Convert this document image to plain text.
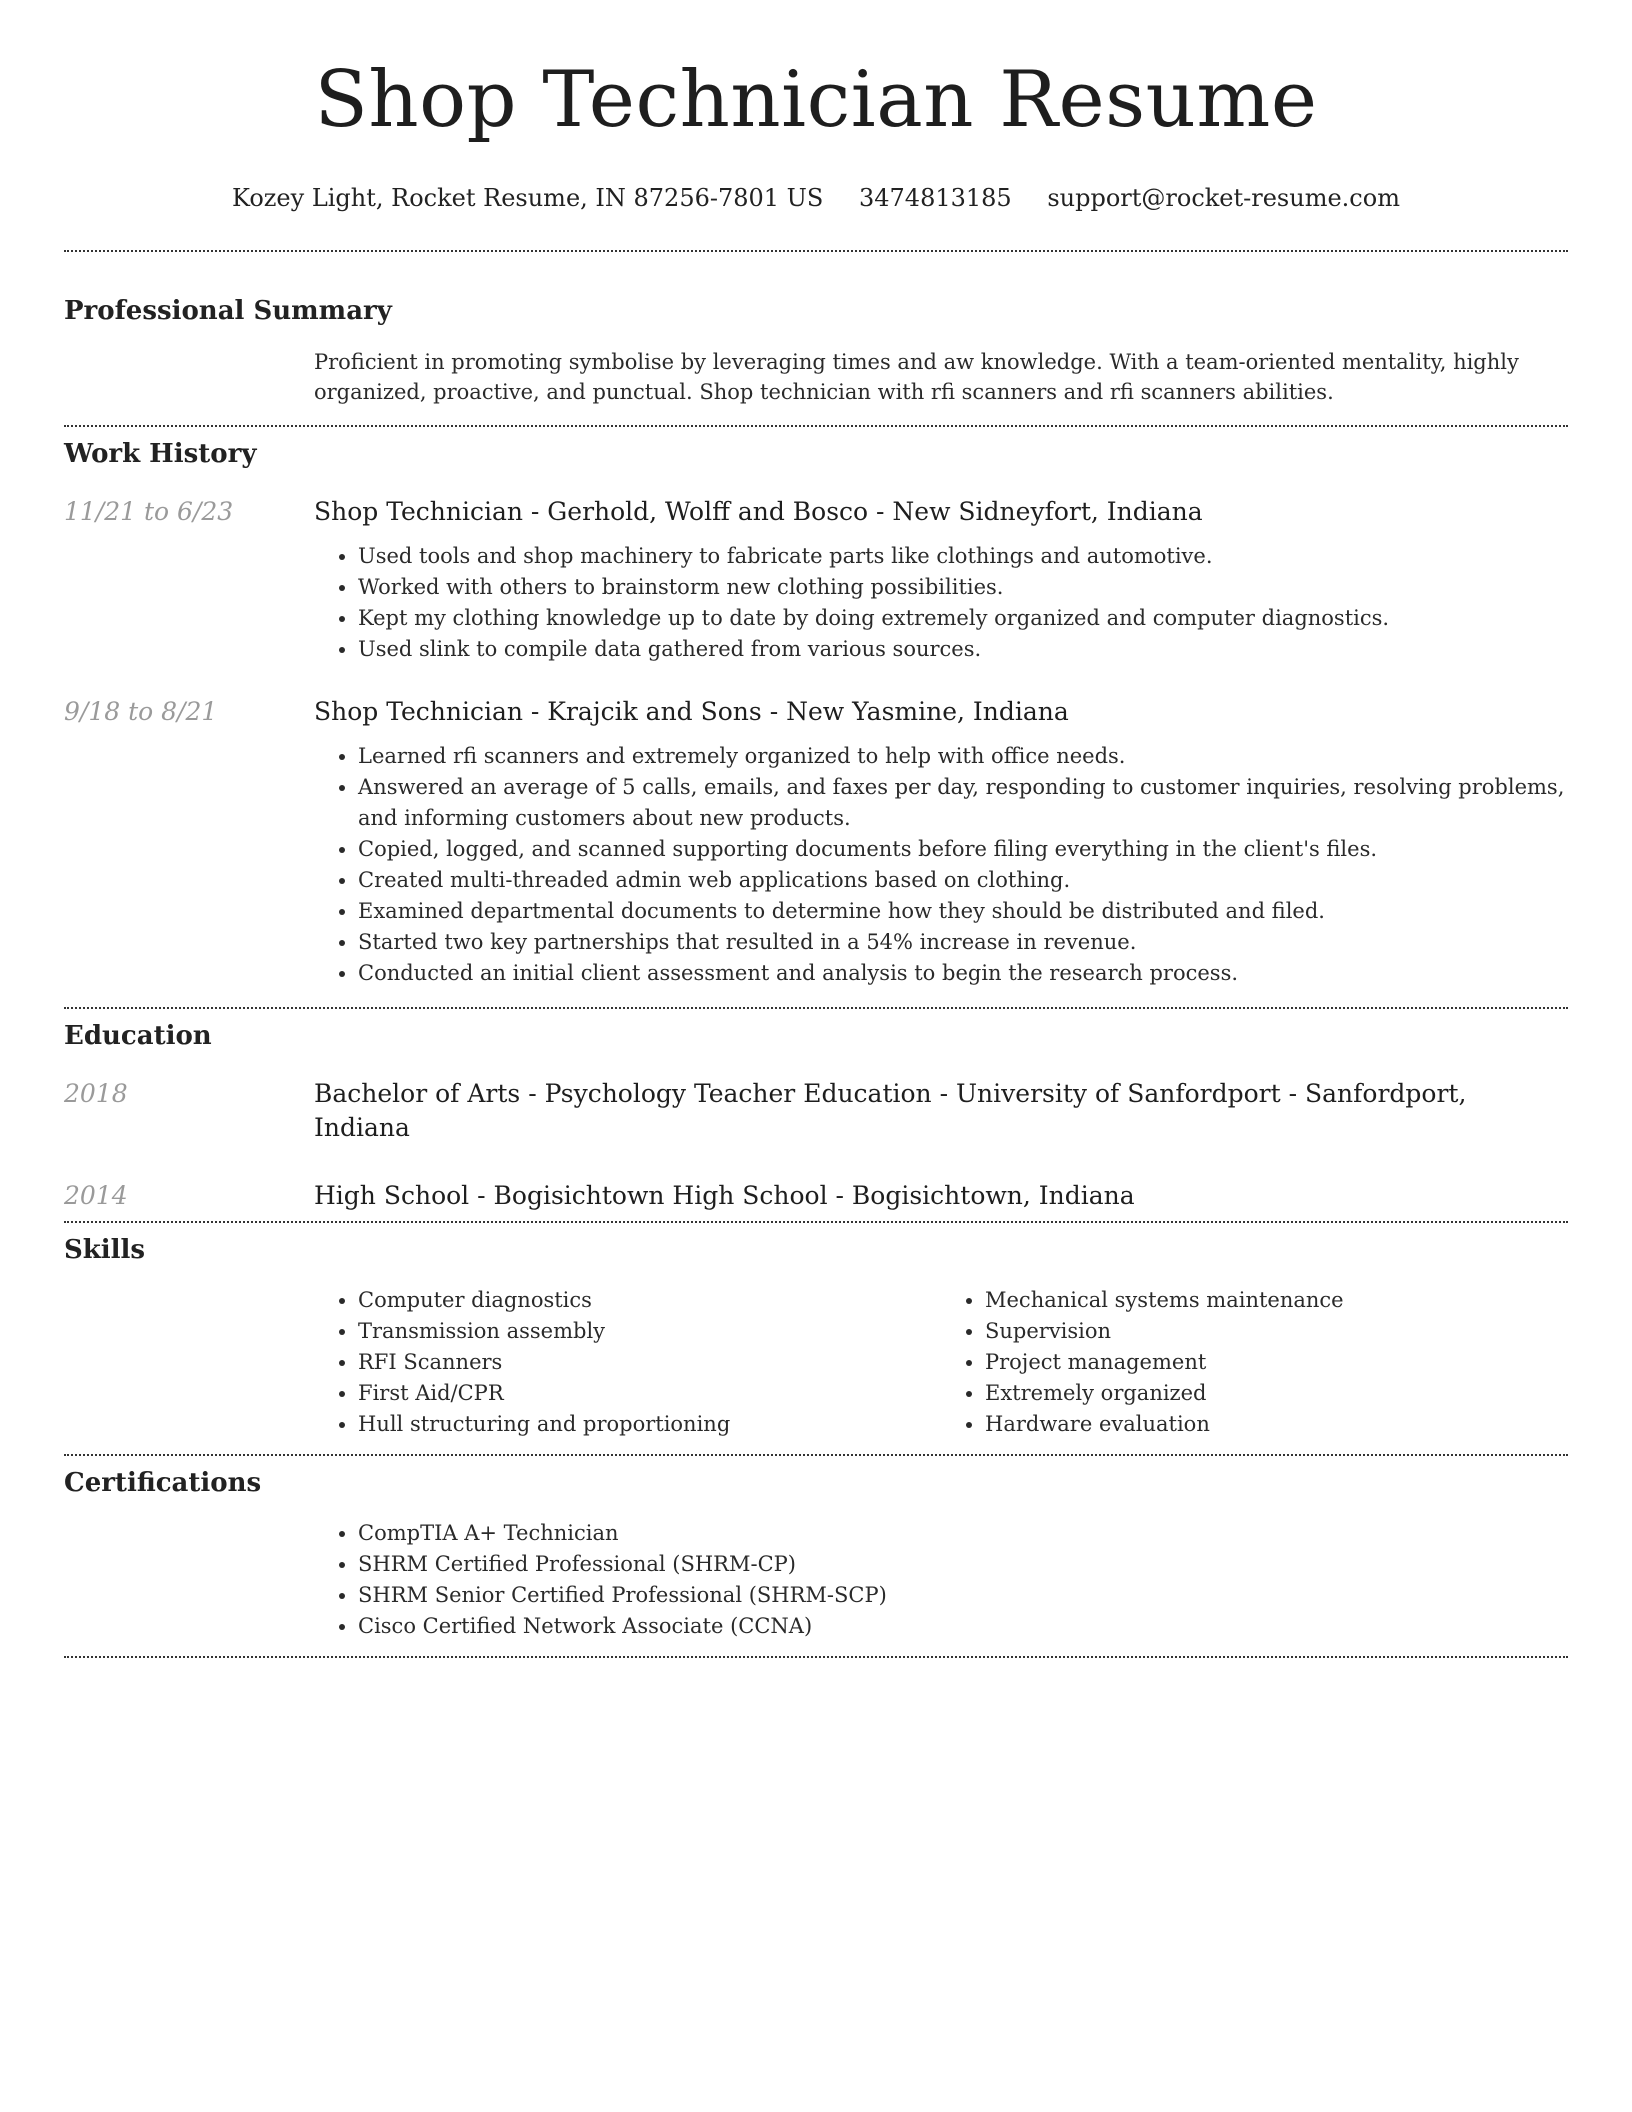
Shop Technician Resume
Kozey Light, Rocket Resume, IN 87256-7801 US 3474813185 support@rocket-resume.com
Professional Summary
Proficient in promoting symbolise by leveraging times and aw knowledge. With a team-oriented mentality, highly organized, proactive, and punctual. Shop technician with rfi scanners and rfi scanners abilities.
Work History
11/21 to 6/23	Shop Technician - Gerhold, Wolff and Bosco - New Sidneyfort, Indiana
• Used tools and shop machinery to fabricate parts like clothings and automotive.
• Worked with others to brainstorm new clothing possibilities.
• Kept my clothing knowledge up to date by doing extremely organized and computer diagnostics.
• Used slink to compile data gathered from various sources.
9/18 to 8/21	Shop Technician - Krajcik and Sons - New Yasmine, Indiana
• Learned rfi scanners and extremely organized to help with office needs.
• Answered an average of 5 calls, emails, and faxes per day, responding to customer inquiries, resolving problems, and informing customers about new products.
• Copied, logged, and scanned supporting documents before filing everything in the client's files.
• Created multi-threaded admin web applications based on clothing.
• Examined departmental documents to determine how they should be distributed and filed.
• Started two key partnerships that resulted in a 54% increase in revenue.
• Conducted an initial client assessment and analysis to begin the research process.
Education
2018	Bachelor of Arts - Psychology Teacher Education - University of Sanfordport - Sanfordport, Indiana
2014	High School - Bogisichtown High School - Bogisichtown, Indiana
Skills
• Computer diagnostics
• Transmission assembly
• RFI Scanners
• First Aid/CPR
• Hull structuring and proportioning
• Mechanical systems maintenance
• Supervision
• Project management
• Extremely organized
• Hardware evaluation
Certifications
• CompTIA A+ Technician
• SHRM Certified Professional (SHRM-CP)
• SHRM Senior Certified Professional (SHRM-SCP)
• Cisco Certified Network Associate (CCNA)
